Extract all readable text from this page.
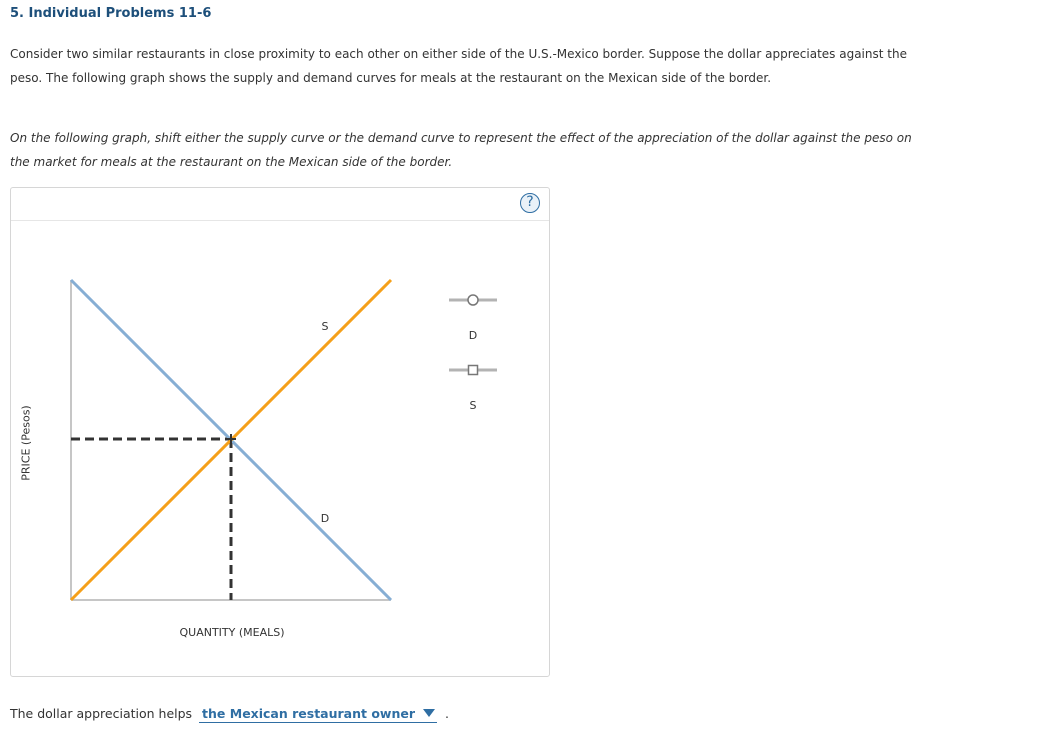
5. Individual Problems 11-6
Consider two similar restaurants in close proximity to each other on either side of the U.S.-Mexico border. Suppose the dollar appreciates against the peso. The following graph shows the supply and demand curves for meals at the restaurant on the Mexican side of the border.
On the following graph, shift either the supply curve or the demand curve to represent the effect of the appreciation of the dollar against the peso on the market for meals at the restaurant on the Mexican side of the border.
?
PRICE (Pesos)
QUANTITY (MEALS)
S
D
D
S
The dollar appreciation helps the Mexican restaurant owner .
